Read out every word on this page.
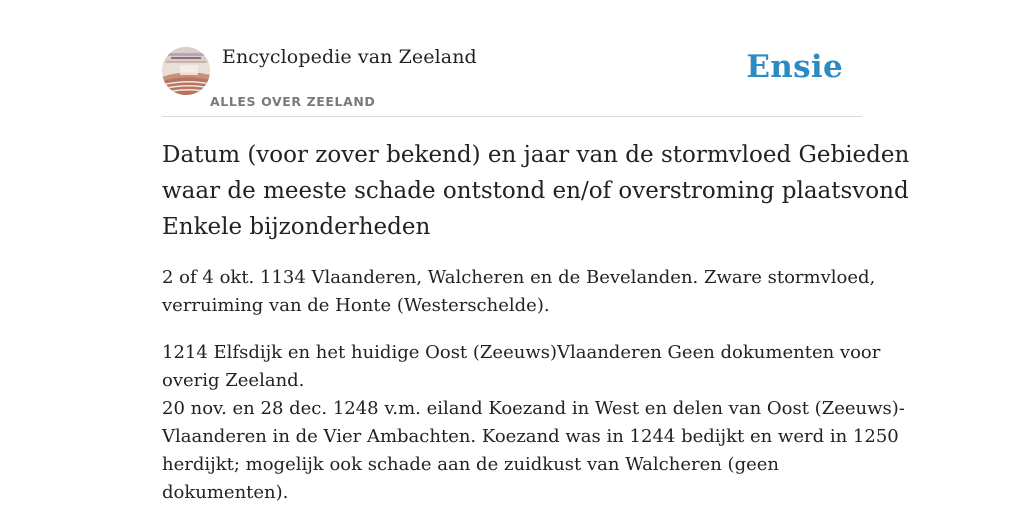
Encyclopedie van Zeeland
ALLES OVER ZEELAND
Ensie
Datum (voor zover bekend) en jaar van de stormvloed Gebieden
waar de meeste schade ontstond en/of overstroming plaatsvond
Enkele bijzonderheden

2 of 4 okt. 1134 Vlaanderen, Walcheren en de Bevelanden. Zware stormvloed,
verruiming van de Honte (Westerschelde).

1214 Elfsdijk en het huidige Oost (Zeeuws)Vlaanderen Geen dokumenten voor
overig Zeeland.
20 nov. en 28 dec. 1248 v.m. eiland Koezand in West en delen van Oost (Zeeuws)-
Vlaanderen in de Vier Ambachten. Koezand was in 1244 bedijkt en werd in 1250
herdijkt; mogelijk ook schade aan de zuidkust van Walcheren (geen
dokumenten).
